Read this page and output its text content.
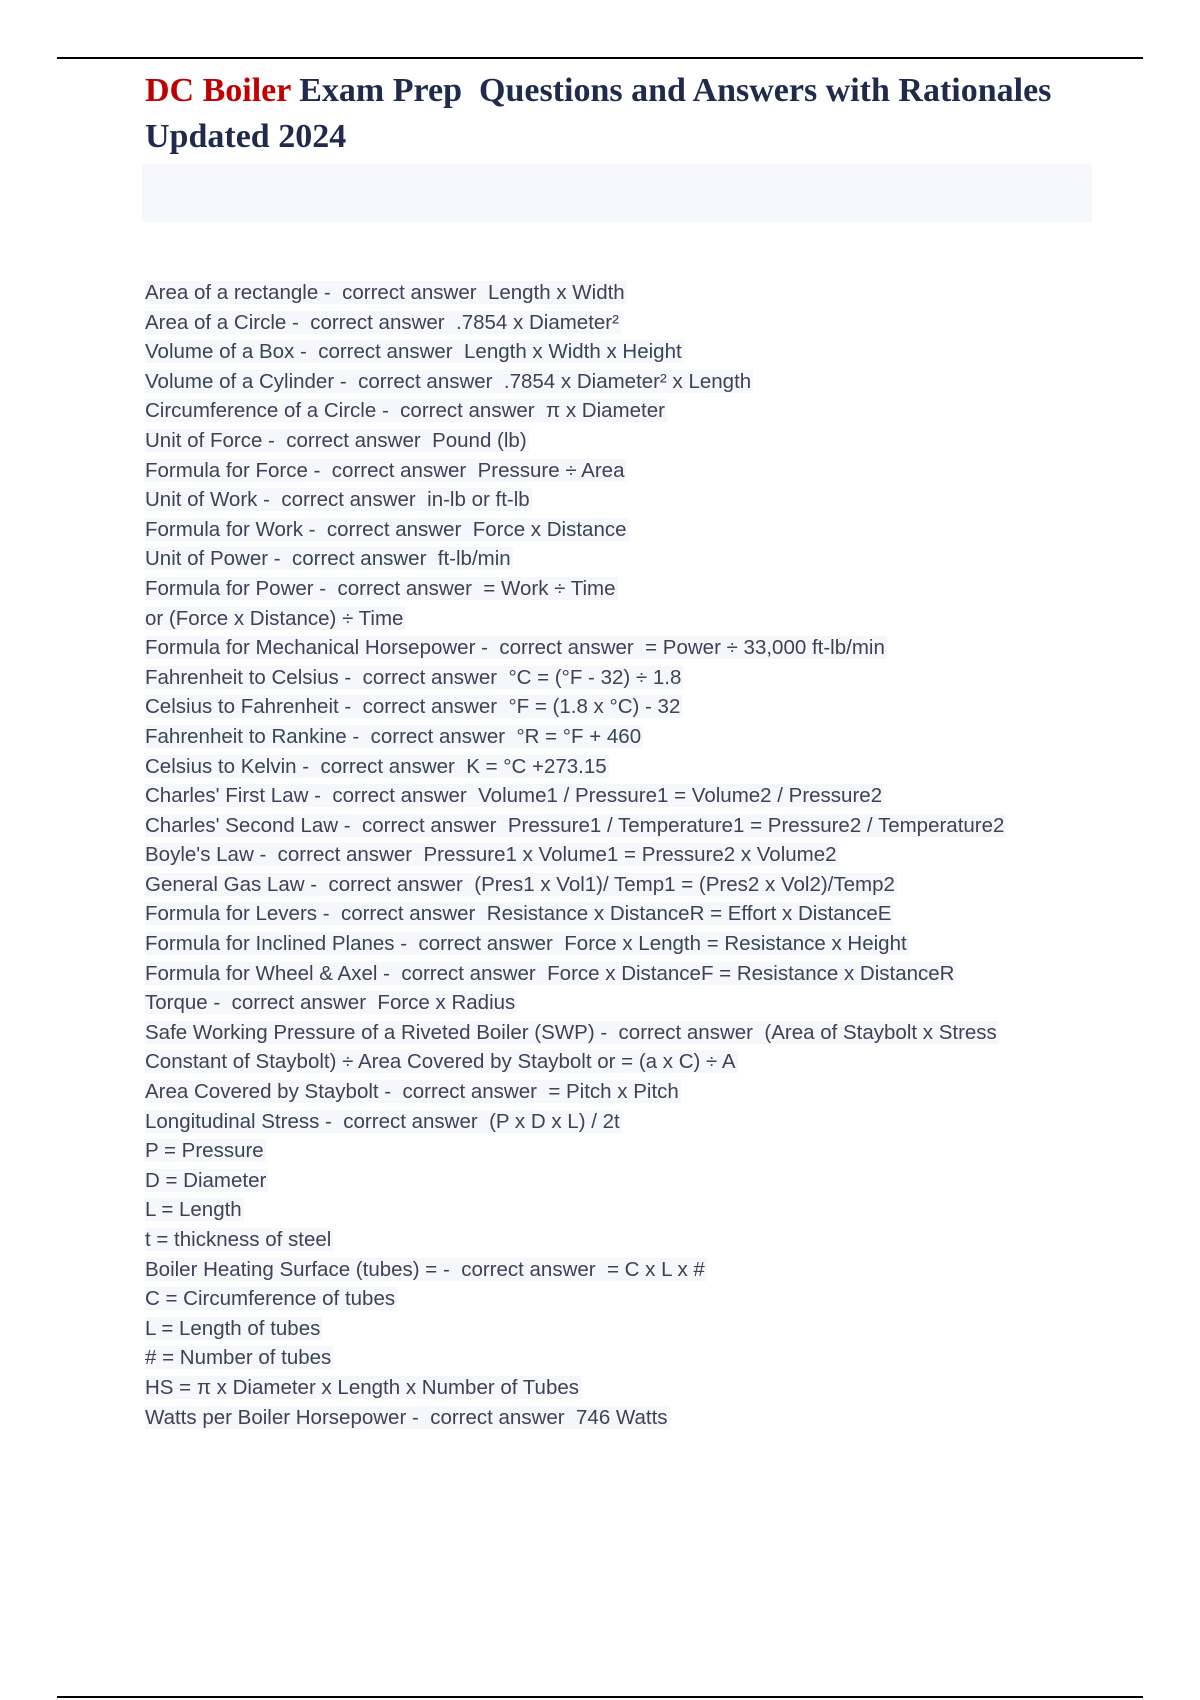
DC Boiler Exam Prep  Questions and Answers with Rationales Updated 2024
Area of a rectangle -  correct answer  Length x Width
Area of a Circle -  correct answer  .7854 x Diameter²
Volume of a Box -  correct answer  Length x Width x Height
Volume of a Cylinder -  correct answer  .7854 x Diameter² x Length
Circumference of a Circle -  correct answer  π x Diameter
Unit of Force -  correct answer  Pound (lb)
Formula for Force -  correct answer  Pressure ÷ Area
Unit of Work -  correct answer  in-lb or ft-lb
Formula for Work -  correct answer  Force x Distance
Unit of Power -  correct answer  ft-lb/min
Formula for Power -  correct answer  = Work ÷ Time
or (Force x Distance) ÷ Time
Formula for Mechanical Horsepower -  correct answer  = Power ÷ 33,000 ft-lb/min
Fahrenheit to Celsius -  correct answer  °C = (°F - 32) ÷ 1.8
Celsius to Fahrenheit -  correct answer  °F = (1.8 x °C) - 32
Fahrenheit to Rankine -  correct answer  °R = °F + 460
Celsius to Kelvin -  correct answer  K = °C +273.15
Charles' First Law -  correct answer  Volume1 / Pressure1 = Volume2 / Pressure2
Charles' Second Law -  correct answer  Pressure1 / Temperature1 = Pressure2 / Temperature2
Boyle's Law -  correct answer  Pressure1 x Volume1 = Pressure2 x Volume2
General Gas Law -  correct answer  (Pres1 x Vol1)/ Temp1 = (Pres2 x Vol2)/Temp2
Formula for Levers -  correct answer  Resistance x DistanceR = Effort x DistanceE
Formula for Inclined Planes -  correct answer  Force x Length = Resistance x Height
Formula for Wheel & Axel -  correct answer  Force x DistanceF = Resistance x DistanceR
Torque -  correct answer  Force x Radius
Safe Working Pressure of a Riveted Boiler (SWP) -  correct answer  (Area of Staybolt x Stress
Constant of Staybolt) ÷ Area Covered by Staybolt or = (a x C) ÷ A
Area Covered by Staybolt -  correct answer  = Pitch x Pitch
Longitudinal Stress -  correct answer  (P x D x L) / 2t
P = Pressure
D = Diameter
L = Length
t = thickness of steel
Boiler Heating Surface (tubes) = -  correct answer  = C x L x #
C = Circumference of tubes
L = Length of tubes
# = Number of tubes
HS = π x Diameter x Length x Number of Tubes
Watts per Boiler Horsepower -  correct answer  746 Watts
